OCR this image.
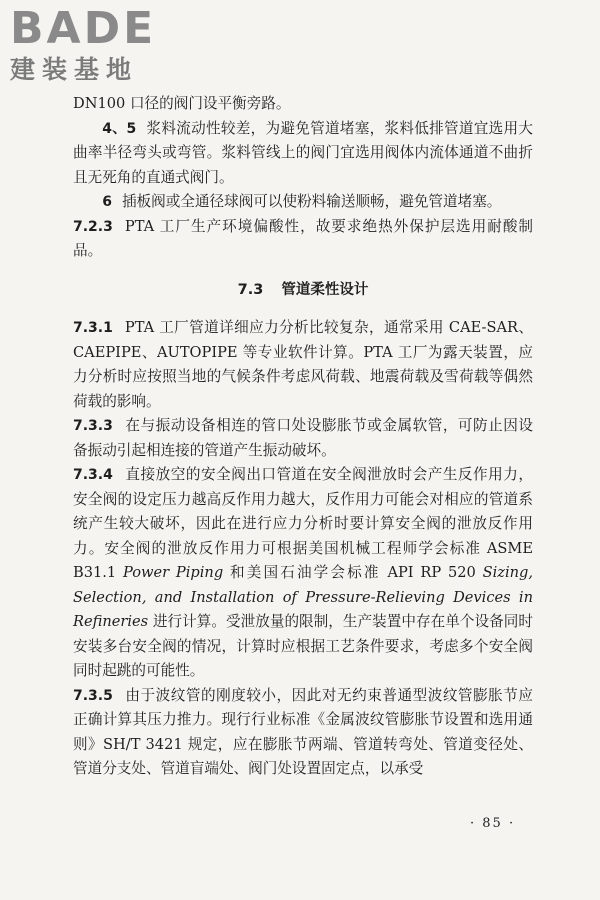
BADE
建装基地

DN100 口径的阀门设平衡旁路。

4、5 浆料流动性较差，为避免管道堵塞，浆料低排管道宜选用大曲率半径弯头或弯管。浆料管线上的阀门宜选用阀体内流体通道不曲折且无死角的直通式阀门。

6 插板阀或全通径球阀可以使粉料输送顺畅，避免管道堵塞。

7.2.3 PTA 工厂生产环境偏酸性，故要求绝热外保护层选用耐酸制品。

7.3 管道柔性设计

7.3.1 PTA 工厂管道详细应力分析比较复杂，通常采用 CAE-SAR、CAEPIPE、AUTOPIPE 等专业软件计算。PTA 工厂为露天装置，应力分析时应按照当地的气候条件考虑风荷载、地震荷载及雪荷载等偶然荷载的影响。

7.3.3 在与振动设备相连的管口处设膨胀节或金属软管，可防止因设备振动引起相连接的管道产生振动破坏。

7.3.4 直接放空的安全阀出口管道在安全阀泄放时会产生反作用力，安全阀的设定压力越高反作用力越大，反作用力可能会对相应的管道系统产生较大破坏，因此在进行应力分析时要计算安全阀的泄放反作用力。安全阀的泄放反作用力可根据美国机械工程师学会标准 ASME B31.1 Power Piping 和美国石油学会标准 API RP 520 Sizing, Selection, and Installation of Pressure-Relieving Devices in Refineries 进行计算。受泄放量的限制，生产装置中存在单个设备同时安装多台安全阀的情况，计算时应根据工艺条件要求，考虑多个安全阀同时起跳的可能性。

7.3.5 由于波纹管的刚度较小，因此对无约束普通型波纹管膨胀节应正确计算其压力推力。现行行业标准《金属波纹管膨胀节设置和选用通则》SH/T 3421 规定，应在膨胀节两端、管道转弯处、管道变径处、管道分支处、管道盲端处、阀门处设置固定点，以承受

· 85 ·
